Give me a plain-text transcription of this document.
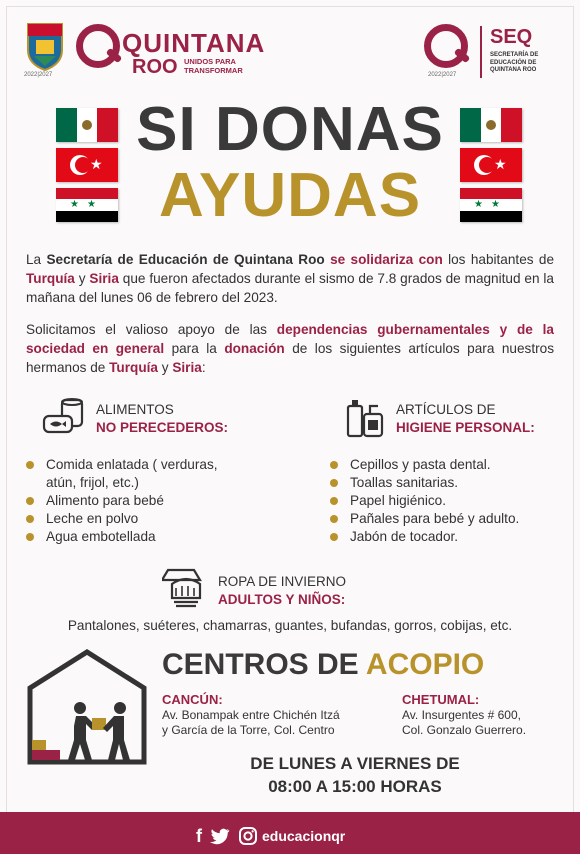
2022|2027
QUINTANA
ROO UNIDOS PARA TRANSFORMAR	2022|2027
SEQ
SECRETARÍA DE EDUCACIÓN DE QUINTANA ROO
★
★★
★
★★
SI DONAS
AYUDAS

La Secretaría de Educación de Quintana Roo se solidariza con los habitantes de Turquía y Siria que fueron afectados durante el sismo de 7.8 grados de magnitud en la mañana del lunes 06 de febrero del 2023.

Solicitamos el valioso apoyo de las dependencias gubernamentales y de la sociedad en general para la donación de los siguientes artículos para nuestros hermanos de Turquía y Siria:

ALIMENTOS
NO PERECEDEROS:
Comida enlatada ( verduras,
atún, frijol, etc.)
Alimento para bebé
Leche en polvo
Agua embotellada
ARTÍCULOS DE
HIGIENE PERSONAL:
Cepillos y pasta dental.
Toallas sanitarias.
Papel higiénico.
Pañales para bebé y adulto.
Jabón de tocador.
ROPA DE INVIERNO
ADULTOS Y NIÑOS:
Pantalones, suéteres, chamarras, guantes, bufandas, gorros, cobijas, etc.
CENTROS DE ACOPIO
CANCÚN:
Av. Bonampak entre Chichén Itzá
y García de la Torre, Col. Centro
CHETUMAL:
Av. Insurgentes # 600,
Col. Gonzalo Guerrero.
DE LUNES A VIERNES DE
08:00 A 15:00 HORAS
f	educacionqr
